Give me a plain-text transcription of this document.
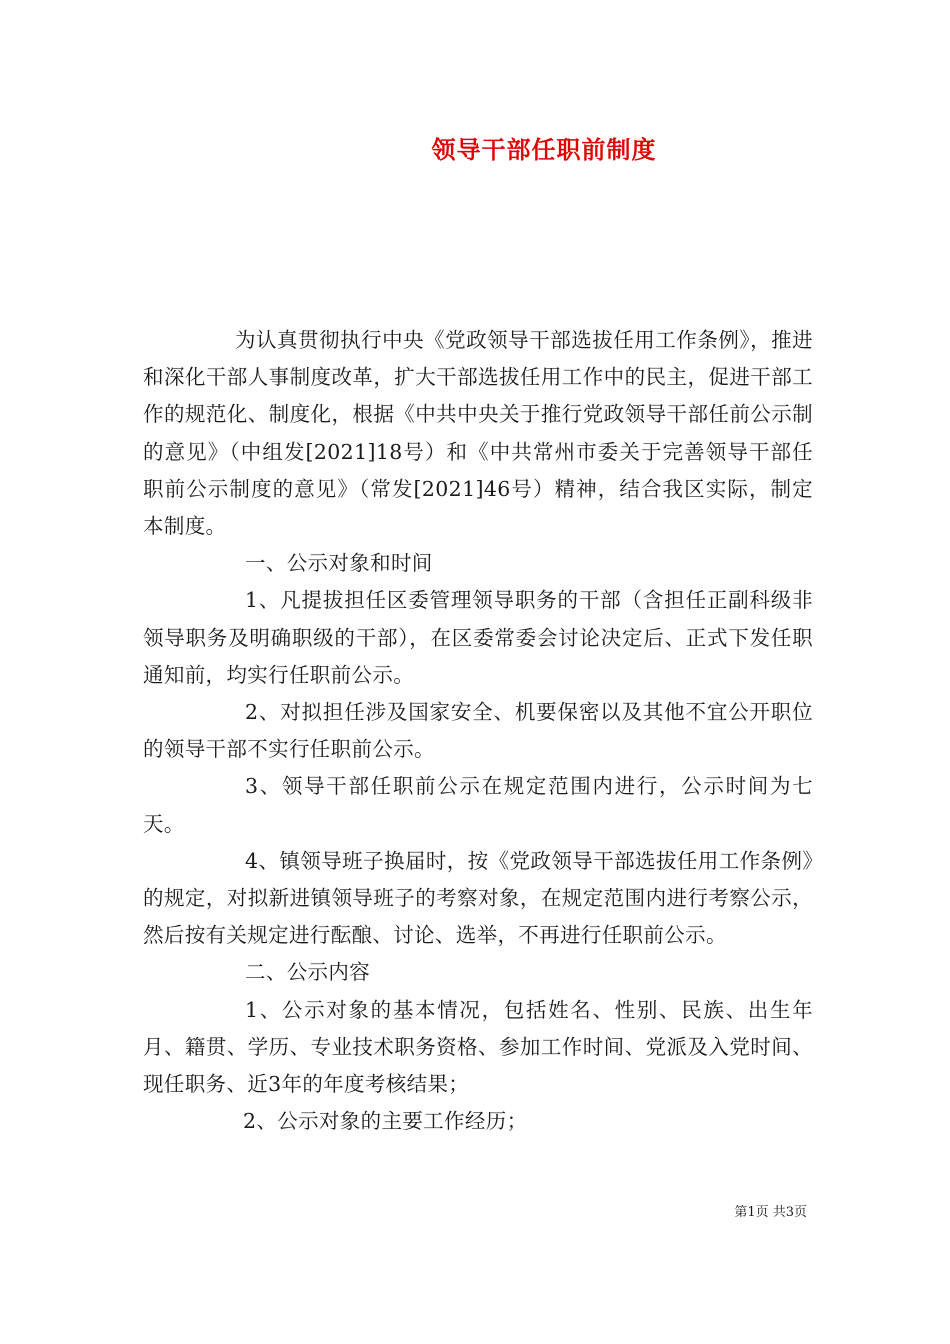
领导干部任职前制度

为认真贯彻执行中央《党政领导干部选拔任用工作条例》，推进和深化干部人事制度改革，扩大干部选拔任用工作中的民主，促进干部工作的规范化、制度化，根据《中共中央关于推行党政领导干部任前公示制的意见》（中组发[2021]18号）和《中共常州市委关于完善领导干部任职前公示制度的意见》（常发[2021]46号）精神，结合我区实际，制定本制度。

一、公示对象和时间

1、凡提拔担任区委管理领导职务的干部（含担任正副科级非领导职务及明确职级的干部），在区委常委会讨论决定后、正式下发任职通知前，均实行任职前公示。

2、对拟担任涉及国家安全、机要保密以及其他不宜公开职位的领导干部不实行任职前公示。

3、领导干部任职前公示在规定范围内进行，公示时间为七天。

4、镇领导班子换届时，按《党政领导干部选拔任用工作条例》的规定，对拟新进镇领导班子的考察对象，在规定范围内进行考察公示，然后按有关规定进行酝酿、讨论、选举，不再进行任职前公示。

二、公示内容

1、公示对象的基本情况，包括姓名、性别、民族、出生年月、籍贯、学历、专业技术职务资格、参加工作时间、党派及入党时间、现任职务、近3年的年度考核结果；

2、公示对象的主要工作经历；

第1页 共3页
